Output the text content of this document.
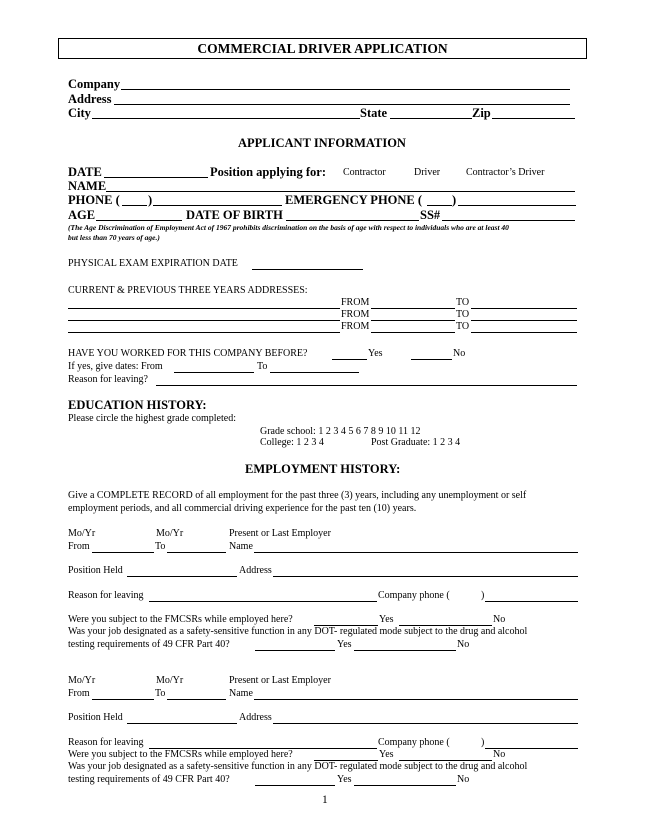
COMMERCIAL DRIVER APPLICATION
Company
Address
City	State	Zip
APPLICANT INFORMATION
DATE	Position applying for: Contractor	Driver	Contractor’s Driver
NAME
PHONE ( )	EMERGENCY PHONE ( )
AGE	DATE OF BIRTH	SS#
(The Age Discrimination of Employment Act of 1967 prohibits discrimination on the basis of age with respect to individuals who are at least 40
but less than 70 years of age.)
PHYSICAL EXAM EXPIRATION DATE
CURRENT & PREVIOUS THREE YEARS ADDRESSES:
FROM	TO
FROM	TO
FROM	TO
HAVE YOU WORKED FOR THIS COMPANY BEFORE?	Yes	No
If yes, give dates: From	To
Reason for leaving?
EDUCATION HISTORY:
Please circle the highest grade completed:
Grade school: 1 2 3 4 5 6 7 8 9 10 11 12
College: 1 2 3 4	Post Graduate: 1 2 3 4
EMPLOYMENT HISTORY:
Give a COMPLETE RECORD of all employment for the past three (3) years, including any unemployment or self
employment periods, and all commercial driving experience for the past ten (10) years.
Mo/Yr	Mo/Yr	Present or Last Employer
From	To	Name
Position Held	Address
Reason for leaving	Company phone (	)
Were you subject to the FMCSRs while employed here?	Yes	No
Was your job designated as a safety-sensitive function in any DOT- regulated mode subject to the drug and alcohol
testing requirements of 49 CFR Part 40?	Yes	No
Mo/Yr	Mo/Yr	Present or Last Employer
From	To	Name
Position Held	Address
Reason for leaving	Company phone (	)
Were you subject to the FMCSRs while employed here?	Yes	No
Was your job designated as a safety-sensitive function in any DOT- regulated mode subject to the drug and alcohol
testing requirements of 49 CFR Part 40?	Yes	No
1
